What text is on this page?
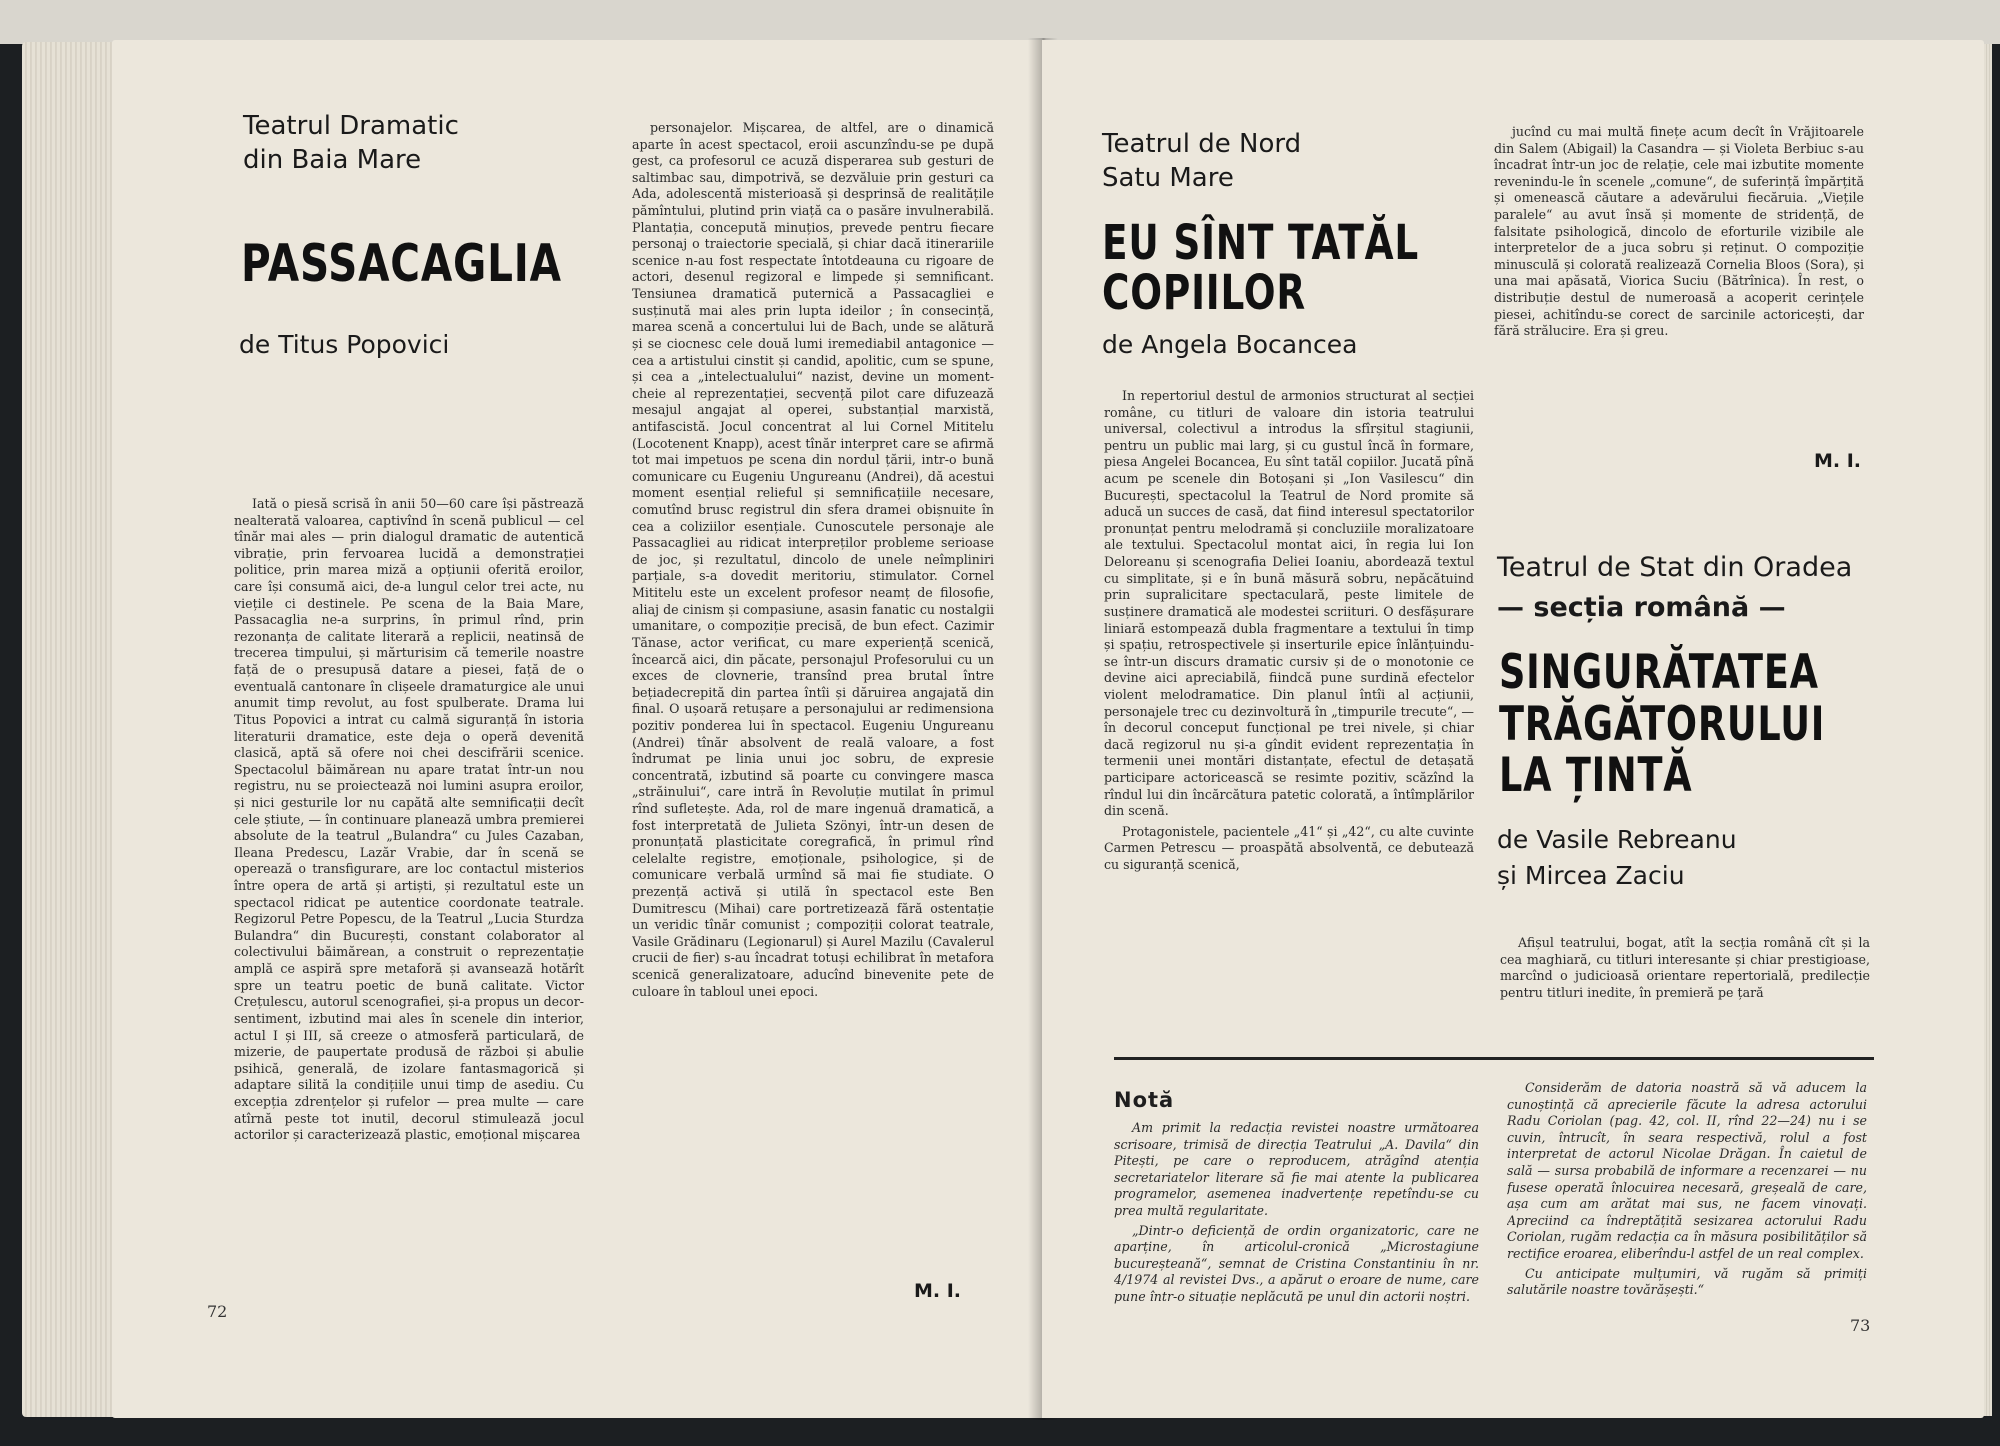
Teatrul Dramatic
din Baia Mare
PASSACAGLIA
de Titus Popovici

Iată o piesă scrisă în anii 50—60 care își păstrează nealterată valoarea, captivînd în scenă publicul — cel tînăr mai ales — prin dialogul dramatic de autentică vibrație, prin fervoarea lucidă a demonstrației politice, prin marea miză a opțiunii oferită eroilor, care își consumă aici, de-a lungul celor trei acte, nu viețile ci destinele. Pe scena de la Baia Mare, Passacaglia ne-a surprins, în primul rînd, prin rezonanța de calitate literară a replicii, neatinsă de trecerea timpului, și mărturisim că temerile noastre față de o presupusă datare a piesei, față de o eventuală cantonare în clișeele dramaturgice ale unui anumit timp revolut, au fost spulberate. Drama lui Titus Popovici a intrat cu calmă siguranță în istoria literaturii dramatice, este deja o operă devenită clasică, aptă să ofere noi chei descifrării scenice. Spectacolul băimărean nu apare tratat într-un nou registru, nu se proiectează noi lumini asupra eroilor, și nici gesturile lor nu capătă alte semnificații decît cele știute, — în continuare planează umbra premierei absolute de la teatrul „Bulandra“ cu Jules Cazaban, Ileana Predescu, Lazăr Vrabie, dar în scenă se operează o transfigurare, are loc contactul misterios între opera de artă și artiști, și rezultatul este un spectacol ridicat pe autentice coordonate teatrale. Regizorul Petre Popescu, de la Teatrul „Lucia Sturdza Bulandra“ din București, constant colaborator al colectivului băimărean, a construit o reprezentație amplă ce aspiră spre metaforă și avansează hotărît spre un teatru poetic de bună calitate. Victor Crețulescu, autorul scenografiei, și-a propus un decor-sentiment, izbutind mai ales în scenele din interior, actul I și III, să creeze o atmosferă particulară, de mizerie, de paupertate produsă de război și abulie psihică, generală, de izolare fantasmagorică și adaptare silită la condițiile unui timp de asediu. Cu excepția zdrențelor și rufelor — prea multe — care atîrnă peste tot inutil, decorul stimulează jocul actorilor și caracterizează plastic, emoțional mișcarea

personajelor. Mișcarea, de altfel, are o dinamică aparte în acest spectacol, eroii ascunzîndu-se pe după gest, ca profesorul ce acuză disperarea sub gesturi de saltimbac sau, dimpotrivă, se dezvăluie prin gesturi ca Ada, adolescentă misterioasă și desprinsă de realitățile pămîntului, plutind prin viață ca o pasăre invulnerabilă. Plantația, concepută minuțios, prevede pentru fiecare personaj o traiectorie specială, și chiar dacă itinerariile scenice n-au fost respectate întotdeauna cu rigoare de actori, desenul regizoral e limpede și semnificant. Tensiunea dramatică puternică a Passacagliei e susținută mai ales prin lupta ideilor ; în consecință, marea scenă a concertului lui de Bach, unde se alătură și se ciocnesc cele două lumi iremediabil antagonice — cea a artistului cinstit și candid, apolitic, cum se spune, și cea a „intelectualului“ nazist, devine un moment-cheie al reprezentației, secvență pilot care difuzează mesajul angajat al operei, substanțial marxistă, antifascistă. Jocul concentrat al lui Cornel Mititelu (Locotenent Knapp), acest tînăr interpret care se afirmă tot mai impetuos pe scena din nordul țării, intr-o bună comunicare cu Eugeniu Ungureanu (Andrei), dă acestui moment esențial relieful și semnificațiile necesare, comutînd brusc registrul din sfera dramei obișnuite în cea a coliziilor esențiale. Cunoscutele personaje ale Passacagliei au ridicat interpreților probleme serioase de joc, și rezultatul, dincolo de unele neîmpliniri parțiale, s-a dovedit meritoriu, stimulator. Cornel Mititelu este un excelent profesor neamț de filosofie, aliaj de cinism și compasiune, asasin fanatic cu nostalgii umanitare, o compoziție precisă, de bun efect. Cazimir Tănase, actor verificat, cu mare experiență scenică, încearcă aici, din păcate, personajul Profesorului cu un exces de clovnerie, transînd prea brutal între bețiadecrepită din partea întîi și dăruirea angajată din final. O ușoară retușare a personajului ar redimensiona pozitiv ponderea lui în spectacol. Eugeniu Ungureanu (Andrei) tînăr absolvent de reală valoare, a fost îndrumat pe linia unui joc sobru, de expresie concentrată, izbutind să poarte cu convingere masca „străinului“, care intră în Revoluție mutilat în primul rînd sufletește. Ada, rol de mare ingenuă dramatică, a fost interpretată de Julieta Szönyi, într-un desen de pronunțată plasticitate coregrafică, în primul rînd celelalte registre, emoționale, psihologice, și de comunicare verbală urmînd să mai fie studiate. O prezență activă și utilă în spectacol este Ben Dumitrescu (Mihai) care portretizează fără ostentație un veridic tînăr comunist ; compoziții colorat teatrale, Vasile Grădinaru (Legionarul) și Aurel Mazilu (Cavalerul crucii de fier) s-au încadrat totuși echilibrat în metafora scenică generalizatoare, aducînd binevenite pete de culoare în tabloul unei epoci.

M. I.
72
Teatrul de Nord
Satu Mare
EU SÎNT TATĂL
COPIILOR
de Angela Bocancea

In repertoriul destul de armonios structurat al secției române, cu titluri de valoare din istoria teatrului universal, colectivul a introdus la sfîrșitul stagiunii, pentru un public mai larg, și cu gustul încă în formare, piesa Angelei Bocancea, Eu sînt tatăl copiilor. Jucată pînă acum pe scenele din Botoșani și „Ion Vasilescu“ din București, spectacolul la Teatrul de Nord promite să aducă un succes de casă, dat fiind interesul spectatorilor pronunțat pentru melodramă și concluziile moralizatoare ale textului. Spectacolul montat aici, în regia lui Ion Deloreanu și scenografia Deliei Ioaniu, abordează textul cu simplitate, și e în bună măsură sobru, nepăcătuind prin supralicitare spectaculară, peste limitele de susținere dramatică ale modestei scriituri. O desfășurare liniară estompează dubla fragmentare a textului în timp și spațiu, retrospectivele și inserturile epice înlănțuindu-se într-un discurs dramatic cursiv și de o monotonie ce devine aici apreciabilă, fiindcă pune surdină efectelor violent melodramatice. Din planul întîi al acțiunii, personajele trec cu dezinvoltură în „timpurile trecute“, — în decorul conceput funcțional pe trei nivele, și chiar dacă regizorul nu și-a gîndit evident reprezentația în termenii unei montări distanțate, efectul de detașată participare actoricească se resimte pozitiv, scăzînd la rîndul lui din încărcătura patetic colorată, a întîmplărilor din scenă.

Protagonistele, pacientele „41“ și „42“, cu alte cuvinte Carmen Petrescu — proaspătă absolventă, ce debutează cu siguranță scenică,

jucînd cu mai multă finețe acum decît în Vrăjitoarele din Salem (Abigail) la Casandra — și Violeta Berbiuc s-au încadrat într-un joc de relație, cele mai izbutite momente revenindu-le în scenele „comune“, de suferință împărțită și omenească căutare a adevărului fiecăruia. „Viețile paralele“ au avut însă și momente de stridență, de falsitate psihologică, dincolo de eforturile vizibile ale interpretelor de a juca sobru și reținut. O compoziție minusculă și colorată realizează Cornelia Bloos (Sora), și una mai apăsată, Viorica Suciu (Bătrînica). În rest, o distribuție destul de numeroasă a acoperit cerințele piesei, achitîndu-se corect de sarcinile actoricești, dar fără strălucire. Era și greu.

M. I.
Teatrul de Stat din Oradea
— secția română —
SINGURĂTATEA
TRĂGĂTORULUI
LA ȚINTĂ
de Vasile Rebreanu
și Mircea Zaciu

Afișul teatrului, bogat, atît la secția română cît și la cea maghiară, cu titluri interesante și chiar prestigioase, marcînd o judicioasă orientare repertorială, predilecție pentru titluri inedite, în premieră pe țară

Notă

Am primit la redacția revistei noastre următoarea scrisoare, trimisă de direcția Teatrului „A. Davila“ din Pitești, pe care o reproducem, atrăgînd atenția secretariatelor literare să fie mai atente la publicarea programelor, asemenea inadvertențe repetîndu-se cu prea multă regularitate.

„Dintr-o deficiență de ordin organizatoric, care ne aparține, în articolul-cronică „Microstagiune bucureșteană“, semnat de Cristina Constantiniu în nr. 4/1974 al revistei Dvs., a apărut o eroare de nume, care pune într-o situație neplăcută pe unul din actorii noștri.

Considerăm de datoria noastră să vă aducem la cunoștință că aprecierile făcute la adresa actorului Radu Coriolan (pag. 42, col. II, rînd 22—24) nu i se cuvin, întrucît, în seara respectivă, rolul a fost interpretat de actorul Nicolae Drăgan. În caietul de sală — sursa probabilă de informare a recenzarei — nu fusese operată înlocuirea necesară, greșeală de care, așa cum am arătat mai sus, ne facem vinovați. Apreciind ca îndreptățită sesizarea actorului Radu Coriolan, rugăm redacția ca în măsura posibilităților să rectifice eroarea, eliberîndu-l astfel de un real complex.

Cu anticipate mulțumiri, vă rugăm să primiți salutările noastre tovărășești.“

73
